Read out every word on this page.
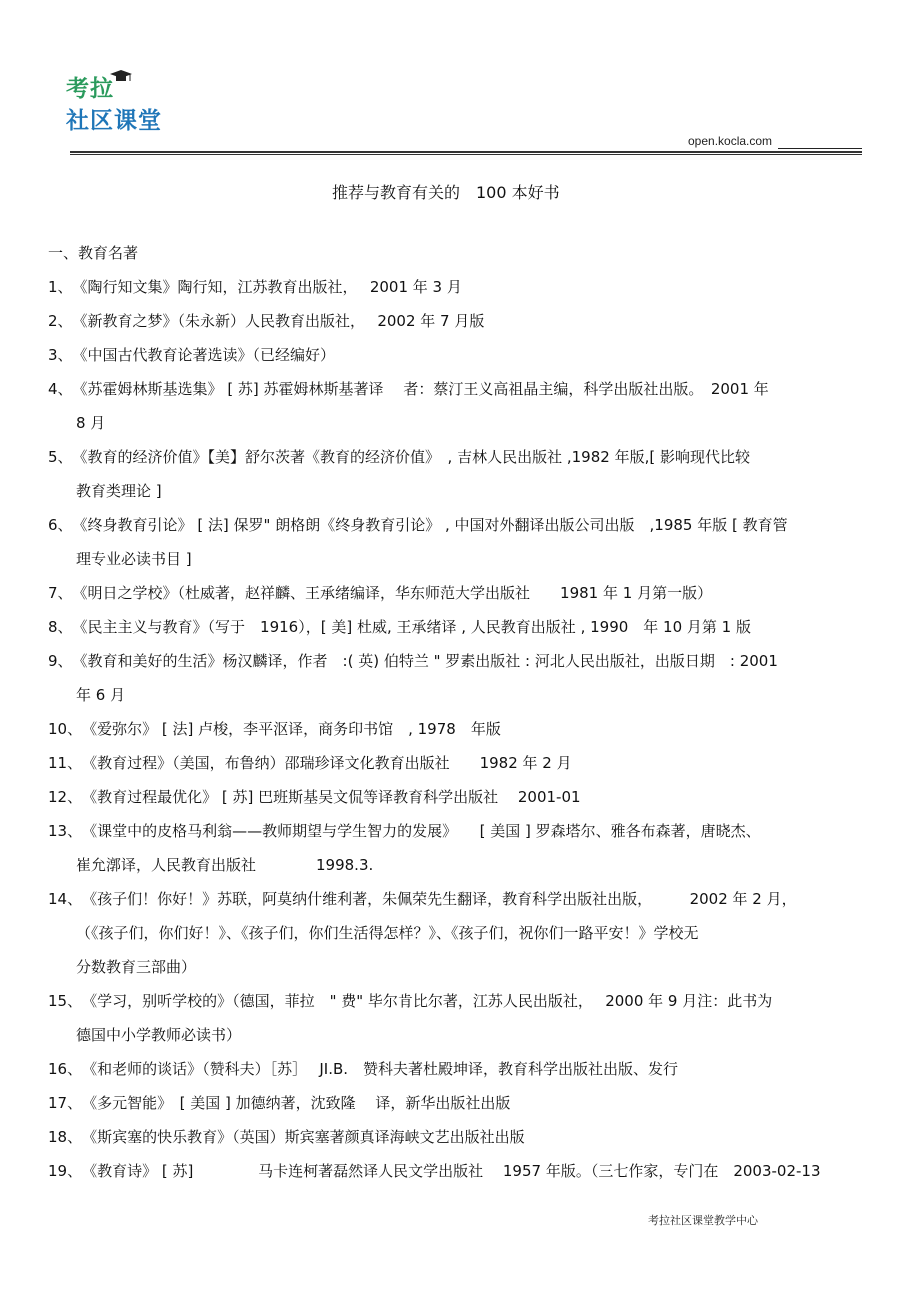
考拉
社区课堂
open.kocla.com
推荐与教育有关的　100 本好书
一、教育名著
1、 《陶行知文集》陶行知，江苏教育出版社，　 2001 年 3 月
2、 《新教育之梦》（朱永新）人民教育出版社，　 2002 年 7 月版
3、 《中国古代教育论著选读》（已经编好）
4、 《苏霍姆林斯基选集》 [ 苏] 苏霍姆林斯基著译　 者：蔡汀王义高祖晶主编，科学出版社出版。　2001 年
8 月
5、 《教育的经济价值》【美】舒尔茨著《教育的经济价值》　, 吉林人民出版社 ,1982 年版,[ 影响现代比较
教育类理论 ]
6、 《终身教育引论》 [ 法] 保罗" 朗格朗《终身教育引论》 , 中国对外翻译出版公司出版　,1985 年版 [ 教育管
理专业必读书目 ]
7、 《明日之学校》（杜威著，赵祥麟、王承绪编译，华东师范大学出版社　　1981 年 1 月第一版）
8、 《民主主义与教育》（写于　1916），[ 美] 杜威, 王承绪译 , 人民教育出版社 , 1990　年 10 月第 1 版
9、 《教育和美好的生活》杨汉麟译，作者　:( 英) 伯特兰 " 罗素出版社 : 河北人民出版社，出版日期　: 2001
年 6 月
10、 《爱弥尔》 [ 法] 卢梭，李平沤译，商务印书馆　, 1978　年版
11、 《教育过程》（美国，布鲁纳）邵瑞珍译文化教育出版社　　1982 年 2 月
12、 《教育过程最优化》 [ 苏] 巴班斯基吴文侃等译教育科学出版社　 2001-01
13、 《课堂中的皮格马利翁——教师期望与学生智力的发展》　　[ 美国 ] 罗森塔尔、雅各布森著，唐晓杰、
崔允漷译，人民教育出版社　　　　1998.3.
14、 《孩子们！你好！》苏联，阿莫纳什维利著，朱佩荣先生翻译，教育科学出版社出版，　　　2002 年 2 月，
（《孩子们，你们好！》、《孩子们，你们生活得怎样？》、《孩子们，祝你们一路平安！》学校无
分数教育三部曲）
15、 《学习，别听学校的》（德国，菲拉　" 费" 毕尔肯比尔著，江苏人民出版社，　 2000 年 9 月注：此书为
德国中小学教师必读书）
16、 《和老师的谈话》（赞科夫）［苏］　 JI.B.　赞科夫著杜殿坤译，教育科学出版社出版、发行
17、 《多元智能》　[ 美国 ] 加德纳著，沈致隆　 译，新华出版社出版
18、 《斯宾塞的快乐教育》（英国）斯宾塞著颜真译海峡文艺出版社出版
19、 《教育诗》 [ 苏]　　　　 马卡连柯著磊然译人民文学出版社　 1957 年版。（三七作家，专门在　2003-02-13
考拉社区课堂教学中心
